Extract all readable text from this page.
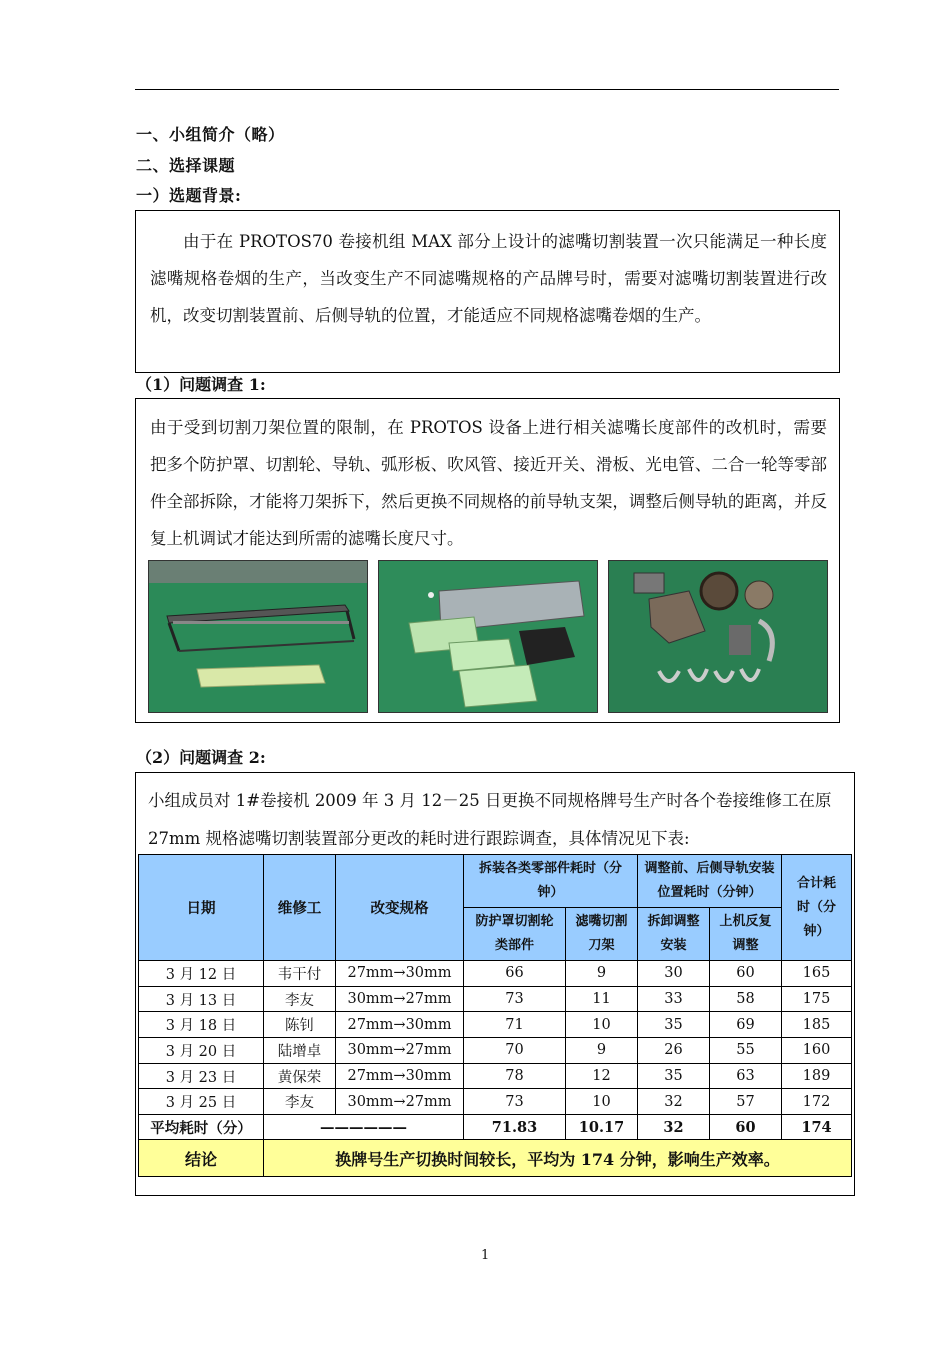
一、小组简介（略）
二、选择课题
一）选题背景:

由于在 PROTOS70 卷接机组 MAX 部分上设计的滤嘴切割装置一次只能满足一种长度滤嘴规格卷烟的生产，当改变生产不同滤嘴规格的产品牌号时，需要对滤嘴切割装置进行改机，改变切割装置前、后侧导轨的位置，才能适应不同规格滤嘴卷烟的生产。

（1）问题调查 1:

由于受到切割刀架位置的限制，在 PROTOS 设备上进行相关滤嘴长度部件的改机时，需要把多个防护罩、切割轮、导轨、弧形板、吹风管、接近开关、滑板、光电管、二合一轮等零部件全部拆除，才能将刀架拆下，然后更换不同规格的前导轨支架，调整后侧导轨的距离，并反复上机调试才能达到所需的滤嘴长度尺寸。

（2）问题调查 2:
小组成员对 1#卷接机 2009 年 3 月 12－25 日更换不同规格牌号生产时各个卷接维修工在原 27mm 规格滤嘴切割装置部分更改的耗时进行跟踪调查，具体情况见下表:
日期	维修工	改变规格	拆装各类零部件耗时（分钟）		调整前、后侧导轨安装位置耗时（分钟）		合计耗时（分钟）
			防护罩切割轮类部件	滤嘴切割刀架	拆卸调整安装	上机反复调整	
3 月 12 日	韦干付	27mm→30mm	66	9	30	60	165
3 月 13 日	李友	30mm→27mm	73	11	33	58	175
3 月 18 日	陈钊	27mm→30mm	71	10	35	69	185
3 月 20 日	陆增卓	30mm→27mm	70	9	26	55	160
3 月 23 日	黄保荣	27mm→30mm	78	12	35	63	189
3 月 25 日	李友	30mm→27mm	73	10	32	57	172
平均耗时（分）	——————		71.83	10.17	32	60	174
结论	换牌号生产切换时间较长，平均为 174 分钟，影响生产效率。						
1
